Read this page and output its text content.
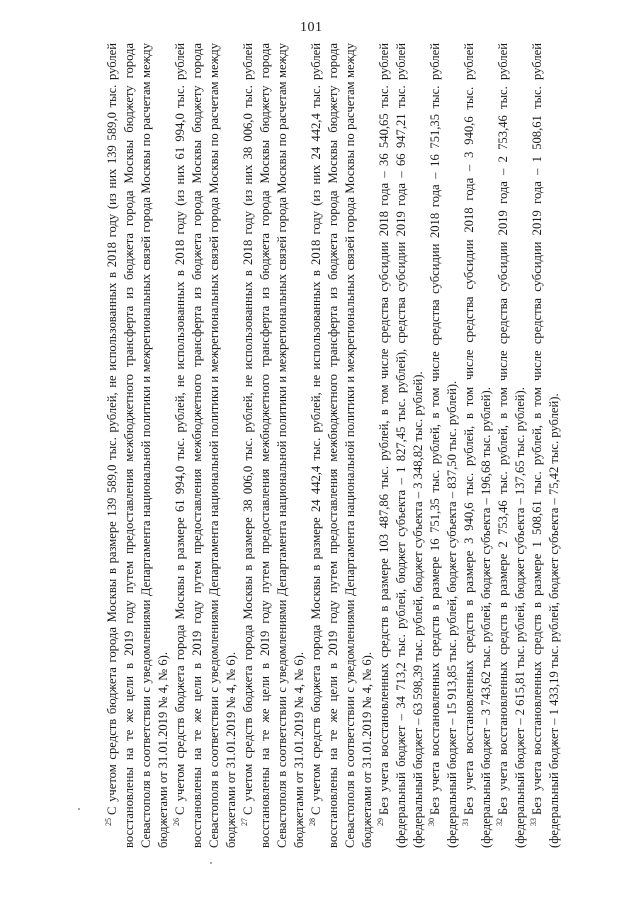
101

$^{25}$С учетом средств бюджета города Москвы в размере 139 589,0 тыс. рублей, не использованных в 2018 году (из них 139 589,0 тыс. рублей восстановлены на те же цели в 2019 году путем предоставления межбюджетного трансферта из бюджета города Москвы бюджету города Севастополя в соответствии с уведомлениями Департамента национальной политики и межрегиональных связей города Москвы по расчетам между бюджетами от 31.01.2019 № 4, № 6). $^{26}$С учетом средств бюджета города Москвы в размере 61 994,0 тыс. рублей, не использованных в 2018 году (из них 61 994,0 тыс. рублей восстановлены на те же цели в 2019 году путем предоставления межбюджетного трансферта из бюджета города Москвы бюджету города Севастополя в соответствии с уведомлениями Департамента национальной политики и межрегиональных связей города Москвы по расчетам между бюджетами от 31.01.2019 № 4, № 6). $^{27}$С учетом средств бюджета города Москвы в размере 38 006,0 тыс. рублей, не использованных в 2018 году (из них 38 006,0 тыс. рублей восстановлены на те же цели в 2019 году путем предоставления межбюджетного трансферта из бюджета города Москвы бюджету города Севастополя в соответствии с уведомлениями Департамента национальной политики и межрегиональных связей города Москвы по расчетам между бюджетами от 31.01.2019 № 4, № 6). $^{28}$С учетом средств бюджета города Москвы в размере 24 442,4 тыс. рублей, не использованных в 2018 году (из них 24 442,4 тыс. рублей восстановлены на те же цели в 2019 году путем предоставления межбюджетного трансферта из бюджета города Москвы бюджету города Севастополя в соответствии с уведомлениями Департамента национальной политики и межрегиональных связей города Москвы по расчетам между бюджетами от 31.01.2019 № 4, № 6). $^{29}$Без учета восстановленных средств в размере 103 487,86 тыс. рублей, в том числе средства субсидии 2018 года – 36 540,65 тыс. рублей (федеральный бюджет – 34 713,2 тыс. рублей, бюджет субъекта – 1 827,45 тыс. рублей), средства субсидии 2019 года – 66 947,21 тыс. рублей (федеральный бюджет – 63 598,39 тыс. рублей, бюджет субъекта – 3 348,82 тыс. рублей). $^{30}$Без учета восстановленных средств в размере 16 751,35 тыс. рублей, в том числе средства субсидии 2018 года – 16 751,35 тыс. рублей (федеральный бюджет – 15 913,85 тыс. рублей, бюджет субъекта – 837,50 тыс. рублей). $^{31}$Без учета восстановленных средств в размере 3 940,6 тыс. рублей, в том числе средства субсидии 2018 года – 3 940,6 тыс. рублей (федеральный бюджет – 3 743,62 тыс. рублей, бюджет субъекта – 196,68 тыс. рублей). $^{32}$Без учета восстановленных средств в размере 2 753,46 тыс. рублей, в том числе средства субсидии 2019 года – 2 753,46 тыс. рублей (федеральный бюджет – 2 615,81 тыс. рублей, бюджет субъекта – 137,65 тыс. рублей). $^{33}$Без учета восстановленных средств в размере 1 508,61 тыс. рублей, в том числе средства субсидии 2019 года – 1 508,61 тыс. рублей (федеральный бюджет – 1 433,19 тыс. рублей, бюджет субъекта – 75,42 тыс. рублей).
